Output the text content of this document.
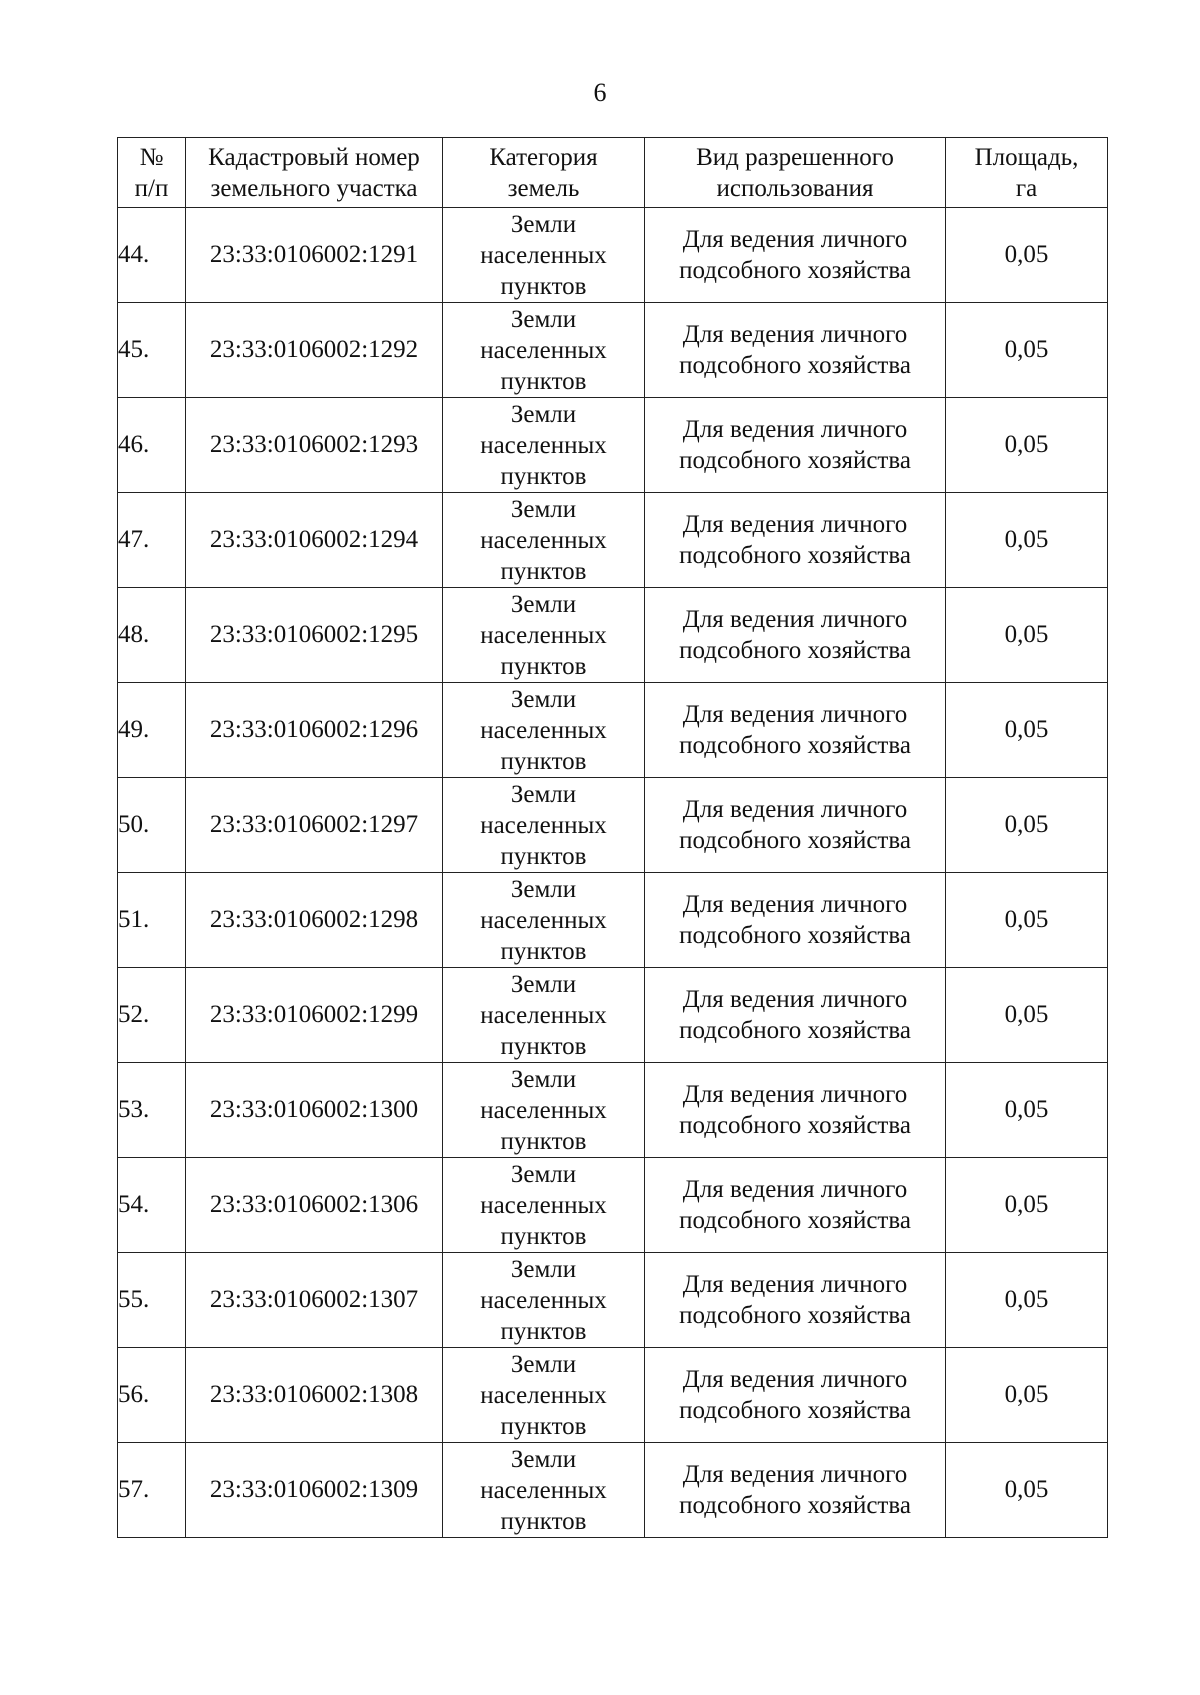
6
№
п/п	Кадастровый номер
земельного участка	Категория
земель	Вид разрешенного
использования	Площадь,
га

44.	23:33:0106002:1291	Земли
населенных
пунктов	Для ведения личного
подсобного хозяйства	0,05
45.	23:33:0106002:1292	Земли
населенных
пунктов	Для ведения личного
подсобного хозяйства	0,05
46.	23:33:0106002:1293	Земли
населенных
пунктов	Для ведения личного
подсобного хозяйства	0,05
47.	23:33:0106002:1294	Земли
населенных
пунктов	Для ведения личного
подсобного хозяйства	0,05
48.	23:33:0106002:1295	Земли
населенных
пунктов	Для ведения личного
подсобного хозяйства	0,05
49.	23:33:0106002:1296	Земли
населенных
пунктов	Для ведения личного
подсобного хозяйства	0,05
50.	23:33:0106002:1297	Земли
населенных
пунктов	Для ведения личного
подсобного хозяйства	0,05
51.	23:33:0106002:1298	Земли
населенных
пунктов	Для ведения личного
подсобного хозяйства	0,05
52.	23:33:0106002:1299	Земли
населенных
пунктов	Для ведения личного
подсобного хозяйства	0,05
53.	23:33:0106002:1300	Земли
населенных
пунктов	Для ведения личного
подсобного хозяйства	0,05
54.	23:33:0106002:1306	Земли
населенных
пунктов	Для ведения личного
подсобного хозяйства	0,05
55.	23:33:0106002:1307	Земли
населенных
пунктов	Для ведения личного
подсобного хозяйства	0,05
56.	23:33:0106002:1308	Земли
населенных
пунктов	Для ведения личного
подсобного хозяйства	0,05
57.	23:33:0106002:1309	Земли
населенных
пунктов	Для ведения личного
подсобного хозяйства	0,05
